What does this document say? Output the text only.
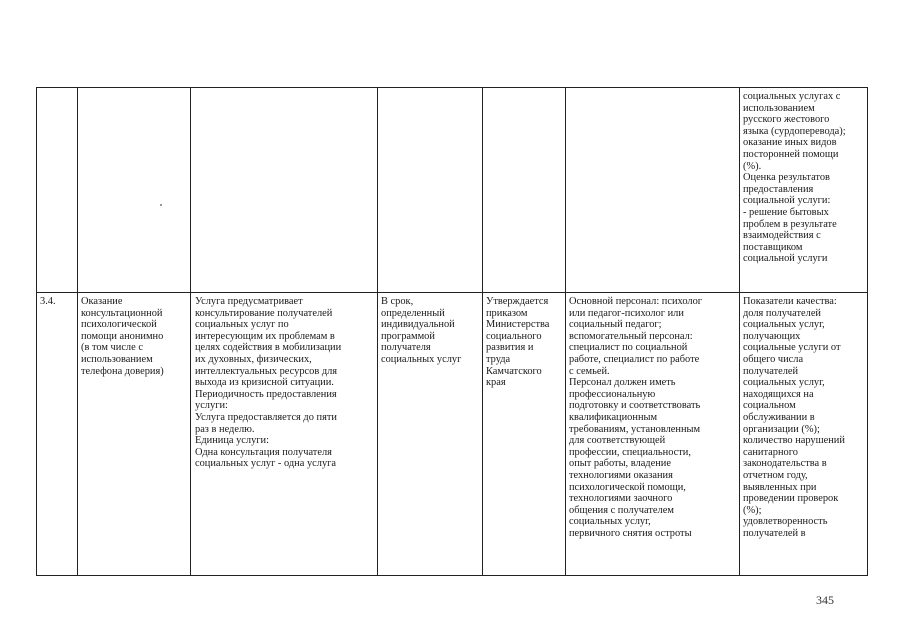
социальных услугах с

использованием

русского жестового

языка (сурдоперевода);

оказание иных видов

посторонней помощи

(%).

Оценка результатов

предоставления

социальной услуги:

- решение бытовых

проблем в результате

взаимодействия с

поставщиком

социальной услуги

3.4.	Оказание

консультационной

психологической

помощи анонимно

(в том числе с

использованием

телефона доверия)

Услуга предусматривает

консультирование получателей

социальных услуг по

интересующим их проблемам в

целях содействия в мобилизации

их духовных, физических,

интеллектуальных ресурсов для

выхода из кризисной ситуации.

Периодичность предоставления

услуги:

Услуга предоставляется до пяти

раз в неделю.

Единица услуги:

Одна консультация получателя

социальных услуг - одна услуга

В срок,

определенный

индивидуальной

программой

получателя

социальных услуг

Утверждается

приказом

Министерства

социального

развития и

труда

Камчатского

края

Основной персонал: психолог

или педагог-психолог или

социальный педагог;

вспомогательный персонал:

специалист по социальной

работе, специалист по работе

с семьей.

Персонал должен иметь

профессиональную

подготовку и соответствовать

квалификационным

требованиям, установленным

для соответствующей

профессии, специальности,

опыт работы, владение

технологиями оказания

психологической помощи,

технологиями заочного

общения с получателем

социальных услуг,

первичного снятия остроты

Показатели качества:

доля получателей

социальных услуг,

получающих

социальные услуги от

общего числа

получателей

социальных услуг,

находящихся на

социальном

обслуживании в

организации (%);

количество нарушений

санитарного

законодательства в

отчетном году,

выявленных при

проведении проверок

(%);

удовлетворенность

получателей в

345
